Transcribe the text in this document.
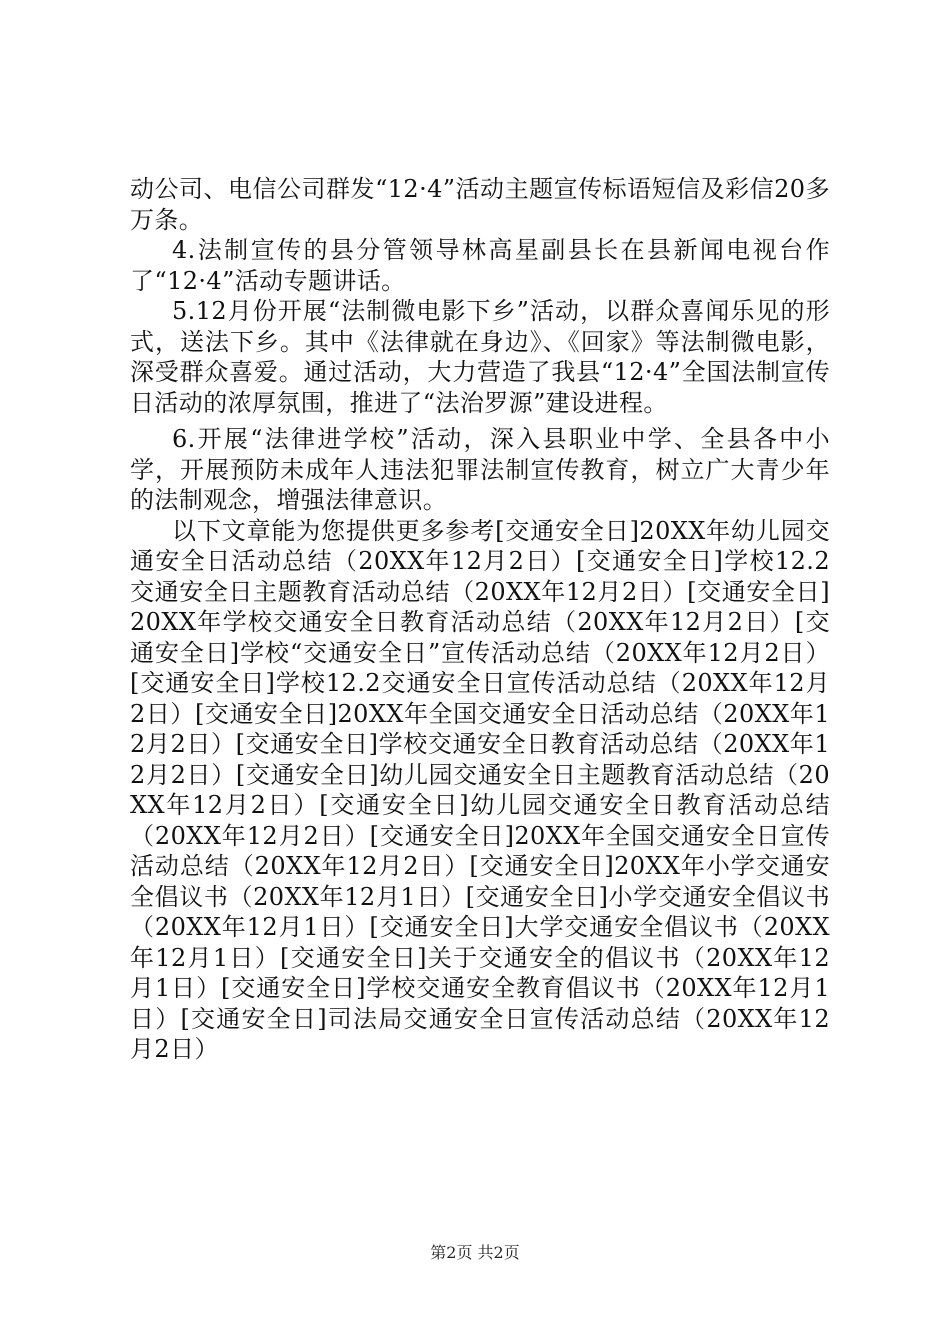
动公司、电信公司群发“12·4”活动主题宣传标语短信及彩信20多万条。

4.法制宣传的县分管领导林高星副县长在县新闻电视台作了“12·4”活动专题讲话。

5.12月份开展“法制微电影下乡”活动，以群众喜闻乐见的形式，送法下乡。其中《法律就在身边》、《回家》等法制微电影，深受群众喜爱。通过活动，大力营造了我县“12·4”全国法制宣传日活动的浓厚氛围，推进了“法治罗源”建设进程。

6.开展“法律进学校”活动，深入县职业中学、全县各中小学，开展预防未成年人违法犯罪法制宣传教育，树立广大青少年的法制观念，增强法律意识。

以下文章能为您提供更多参考[交通安全日]20XX年幼儿园交通安全日活动总结（20XX年12月2日）[交通安全日]学校12.2交通安全日主题教育活动总结（20XX年12月2日）[交通安全日]20XX年学校交通安全日教育活动总结（20XX年12月2日）[交通安全日]学校“交通安全日”宣传活动总结（20XX年12月2日）[交通安全日]学校12.2交通安全日宣传活动总结（20XX年12月2日）[交通安全日]20XX年全国交通安全日活动总结（20XX年12月2日）[交通安全日]学校交通安全日教育活动总结（20XX年12月2日）[交通安全日]幼儿园交通安全日主题教育活动总结（20XX年12月2日）[交通安全日]幼儿园交通安全日教育活动总结（20XX年12月2日）[交通安全日]20XX年全国交通安全日宣传活动总结（20XX年12月2日）[交通安全日]20XX年小学交通安全倡议书（20XX年12月1日）[交通安全日]小学交通安全倡议书（20XX年12月1日）[交通安全日]大学交通安全倡议书（20XX年12月1日）[交通安全日]关于交通安全的倡议书（20XX年12月1日）[交通安全日]学校交通安全教育倡议书（20XX年12月1日）[交通安全日]司法局交通安全日宣传活动总结（20XX年12月2日）

第2页 共2页
